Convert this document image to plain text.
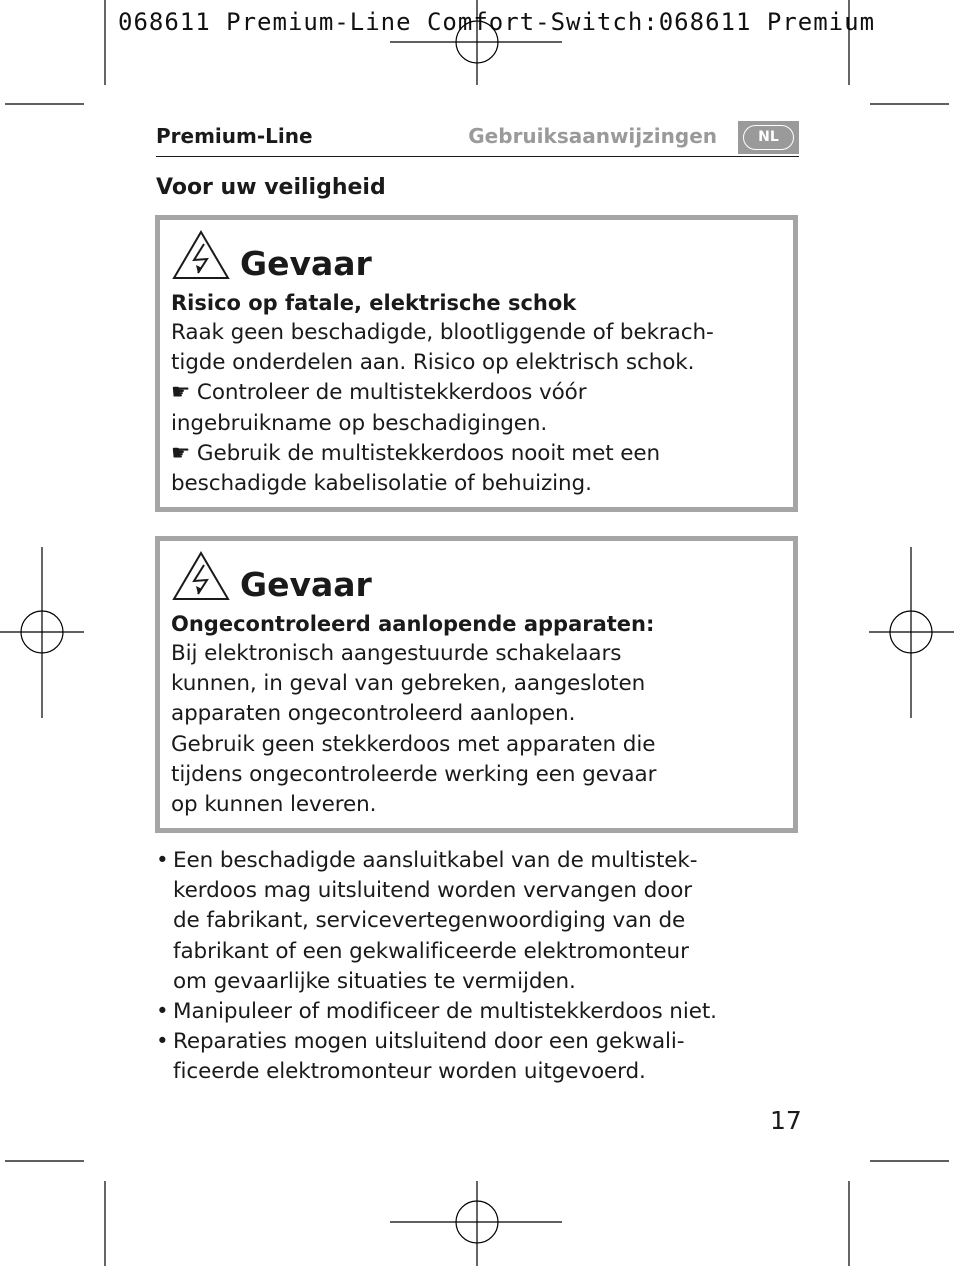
068611 Premium-Line Comfort-Switch:068611 Premium
Premium-Line	Gebruiksaanwijzingen	NL
Voor uw veiligheid
Gevaar
Risico op fatale, elektrische schok
Raak geen beschadigde, blootliggende of bekrach-
tigde onderdelen aan. Risico op elektrisch schok.
☛ Controleer de multistekkerdoos vóór
ingebruikname op beschadigingen.
☛ Gebruik de multistekkerdoos nooit met een
beschadigde kabelisolatie of behuizing.
Gevaar
Ongecontroleerd aanlopende apparaten:
Bij elektronisch aangestuurde schakelaars
kunnen, in geval van gebreken, aangesloten
apparaten ongecontroleerd aanlopen.
Gebruik geen stekkerdoos met apparaten die
tijdens ongecontroleerde werking een gevaar
op kunnen leveren.
• Een beschadigde aansluitkabel van de multistek-
kerdoos mag uitsluitend worden vervangen door
de fabrikant, servicevertegenwoordiging van de
fabrikant of een gekwalificeerde elektromonteur
om gevaarlijke situaties te vermijden.
• Manipuleer of modificeer de multistekkerdoos niet.
• Reparaties mogen uitsluitend door een gekwali-
ficeerde elektromonteur worden uitgevoerd.
17
